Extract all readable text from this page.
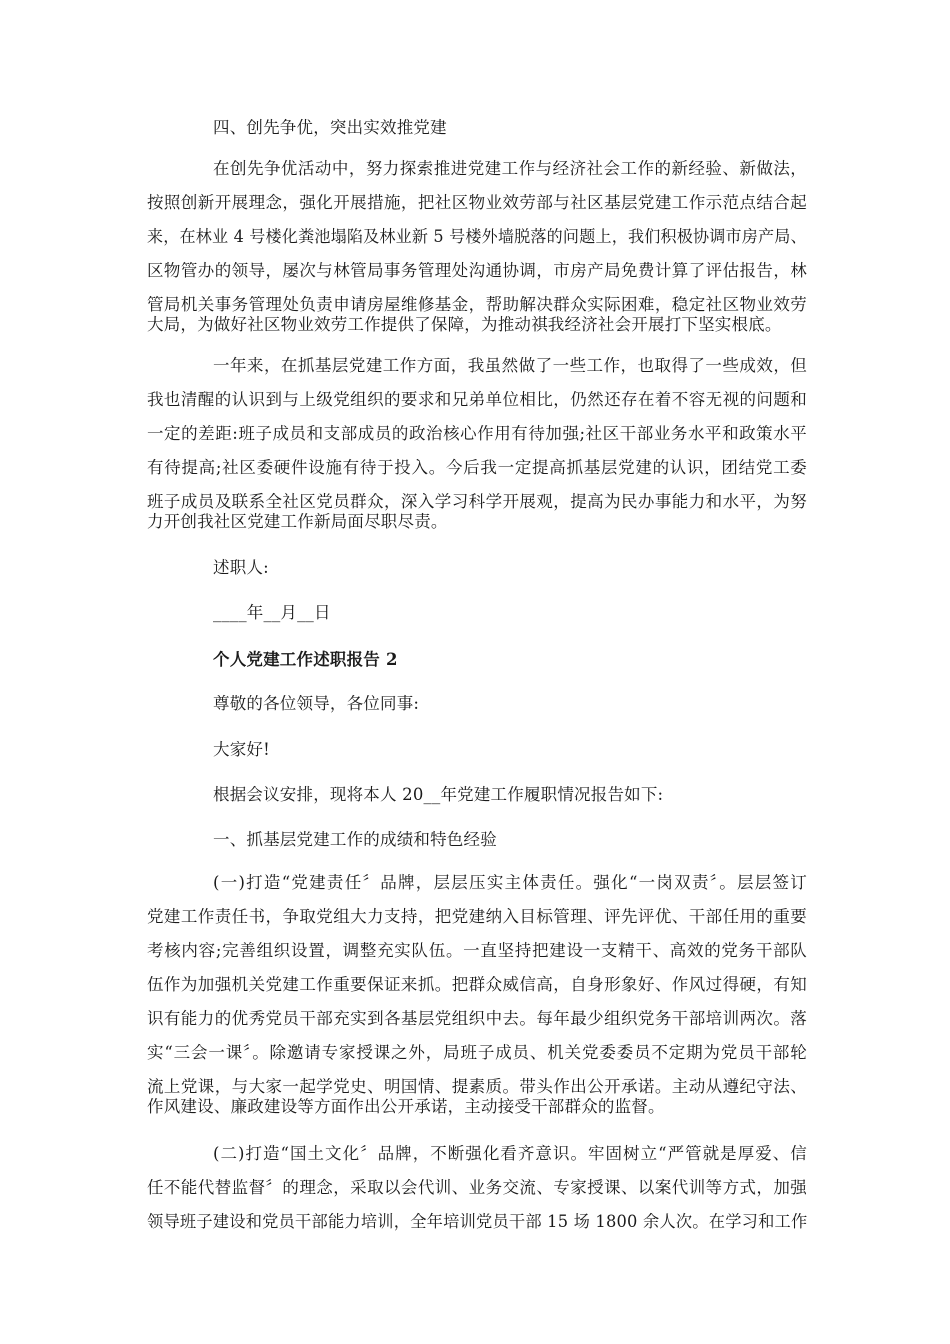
四、创先争优，突出实效推党建
在创先争优活动中，努力探索推进党建工作与经济社会工作的新经验、新做法，
按照创新开展理念，强化开展措施，把社区物业效劳部与社区基层党建工作示范点结合起
来，在林业 4 号楼化粪池塌陷及林业新 5 号楼外墙脱落的问题上，我们积极协调市房产局、
区物管办的领导，屡次与林管局事务管理处沟通协调，市房产局免费计算了评估报告，林
管局机关事务管理处负责申请房屋维修基金，帮助解决群众实际困难，稳定社区物业效劳
大局，为做好社区物业效劳工作提供了保障，为推动祺我经济社会开展打下坚实根底。
一年来，在抓基层党建工作方面，我虽然做了一些工作，也取得了一些成效，但
我也清醒的认识到与上级党组织的要求和兄弟单位相比，仍然还存在着不容无视的问题和
一定的差距:班子成员和支部成员的政治核心作用有待加强;社区干部业务水平和政策水平
有待提高;社区委硬件设施有待于投入。今后我一定提高抓基层党建的认识，团结党工委
班子成员及联系全社区党员群众，深入学习科学开展观，提高为民办事能力和水平，为努
力开创我社区党建工作新局面尽职尽责。
述职人:
____年__月__日
个人党建工作述职报告 2
尊敬的各位领导，各位同事:
大家好!
根据会议安排，现将本人 20__年党建工作履职情况报告如下:
一、抓基层党建工作的成绩和特色经验
(一)打造“党建责任〞品牌，层层压实主体责任。强化“一岗双责〞。层层签订
党建工作责任书，争取党组大力支持，把党建纳入目标管理、评先评优、干部任用的重要
考核内容;完善组织设置，调整充实队伍。一直坚持把建设一支精干、高效的党务干部队
伍作为加强机关党建工作重要保证来抓。把群众威信高，自身形象好、作风过得硬，有知
识有能力的优秀党员干部充实到各基层党组织中去。每年最少组织党务干部培训两次。落
实“三会一课〞。除邀请专家授课之外，局班子成员、机关党委委员不定期为党员干部轮
流上党课，与大家一起学党史、明国情、提素质。带头作出公开承诺。主动从遵纪守法、
作风建设、廉政建设等方面作出公开承诺，主动接受干部群众的监督。
(二)打造“国土文化〞品牌，不断强化看齐意识。牢固树立“严管就是厚爱、信
任不能代替监督〞的理念，采取以会代训、业务交流、专家授课、以案代训等方式，加强
领导班子建设和党员干部能力培训，全年培训党员干部 15 场 1800 余人次。在学习和工作
